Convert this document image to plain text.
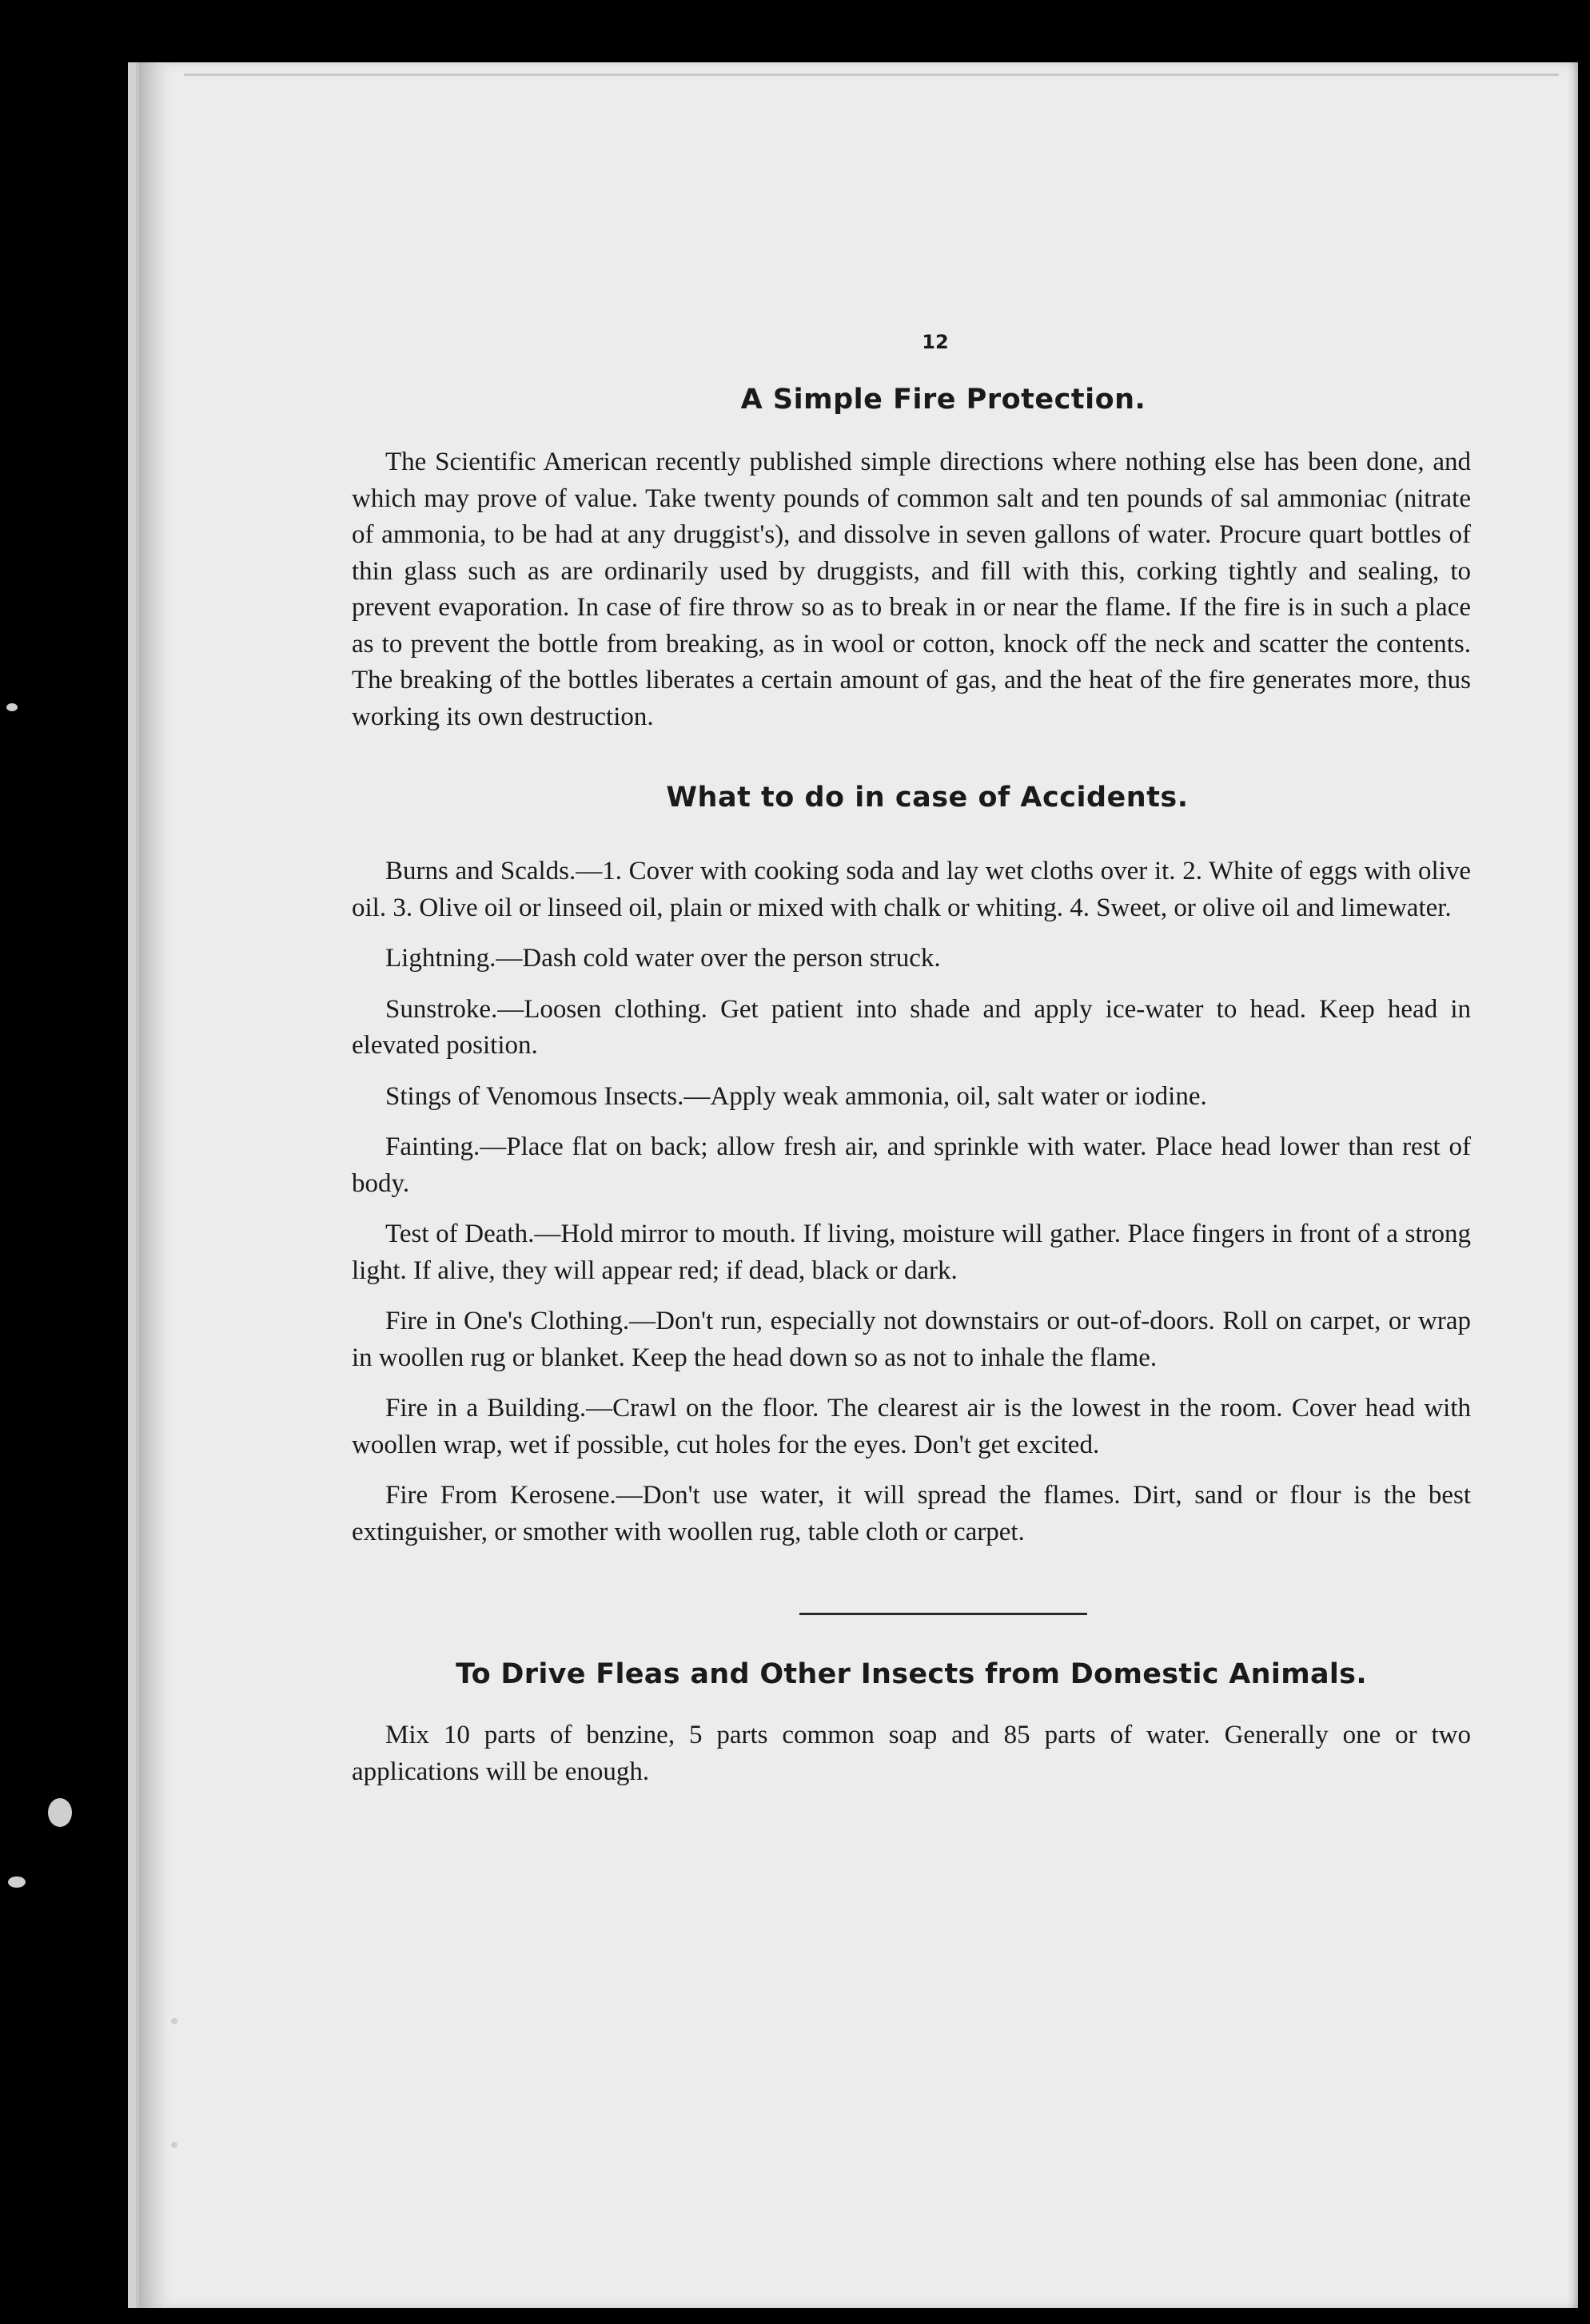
12
A Simple Fire Protection.

The Scientific American recently published simple directions where nothing else has been done, and which may prove of value. Take twenty pounds of common salt and ten pounds of sal ammoniac (nitrate of ammonia, to be had at any druggist's), and dissolve in seven gallons of water. Procure quart bottles of thin glass such as are ordinarily used by druggists, and fill with this, corking tightly and sealing, to prevent evaporation. In case of fire throw so as to break in or near the flame. If the fire is in such a place as to prevent the bottle from breaking, as in wool or cotton, knock off the neck and scatter the contents. The breaking of the bottles liberates a certain amount of gas, and the heat of the fire generates more, thus working its own destruction.

What to do in case of Accidents.

Burns and Scalds.—1. Cover with cooking soda and lay wet cloths over it. 2. White of eggs with olive oil. 3. Olive oil or linseed oil, plain or mixed with chalk or whiting. 4. Sweet, or olive oil and limewater.

Lightning.—Dash cold water over the person struck.

Sunstroke.—Loosen clothing. Get patient into shade and apply ice-water to head. Keep head in elevated position.

Stings of Venomous Insects.—Apply weak ammonia, oil, salt water or iodine.

Fainting.—Place flat on back; allow fresh air, and sprinkle with water. Place head lower than rest of body.

Test of Death.—Hold mirror to mouth. If living, moisture will gather. Place fingers in front of a strong light. If alive, they will appear red; if dead, black or dark.

Fire in One's Clothing.—Don't run, especially not downstairs or out-of-doors. Roll on carpet, or wrap in woollen rug or blanket. Keep the head down so as not to inhale the flame.

Fire in a Building.—Crawl on the floor. The clearest air is the lowest in the room. Cover head with woollen wrap, wet if possible, cut holes for the eyes. Don't get excited.

Fire From Kerosene.—Don't use water, it will spread the flames. Dirt, sand or flour is the best extinguisher, or smother with woollen rug, table cloth or carpet.

To Drive Fleas and Other Insects from Domestic Animals.

Mix 10 parts of benzine, 5 parts common soap and 85 parts of water. Generally one or two applications will be enough.
